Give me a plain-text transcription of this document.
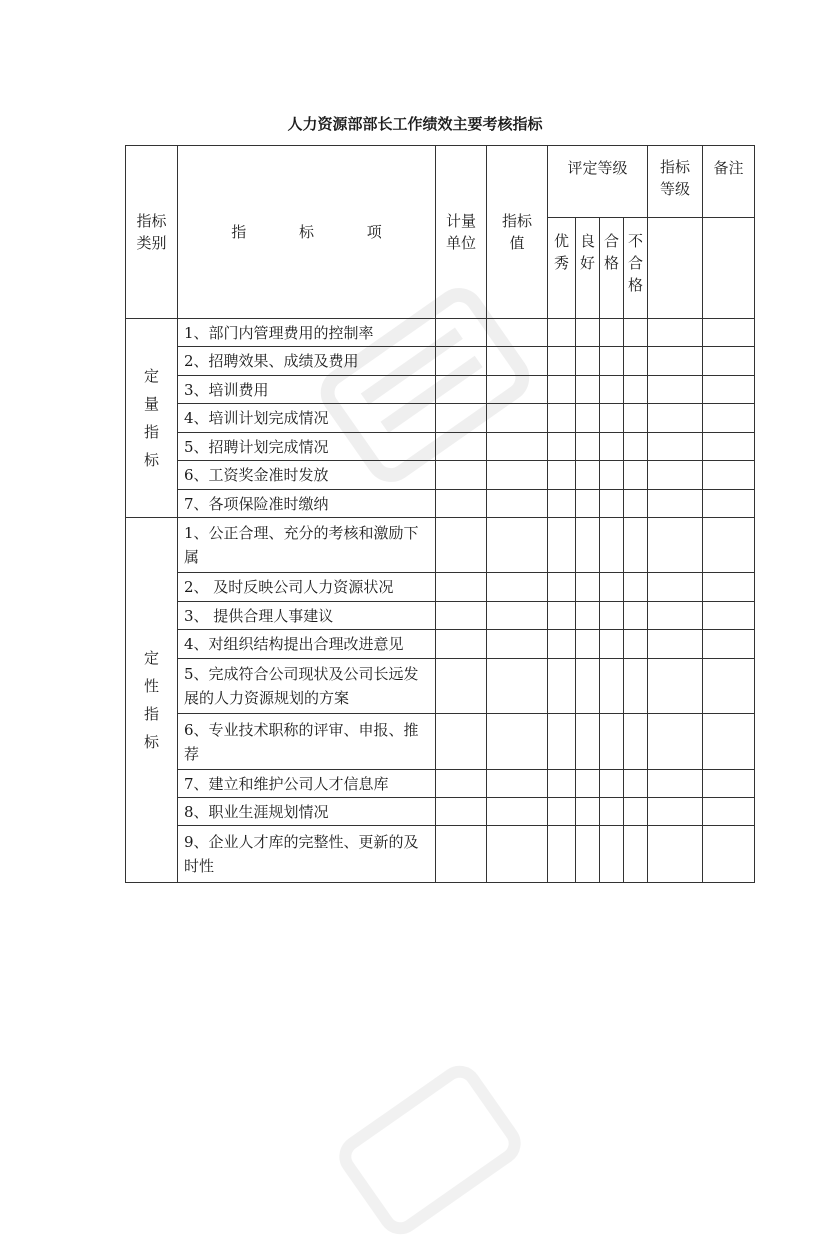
人力资源部部长工作绩效主要考核指标
指标类别	指 标 项	计量单位	指标值	评定等级				指标等级	备注
				优秀	良好	合格	不合格		
定量指标	1、部门内管理费用的控制率								
	2、招聘效果、成绩及费用								
	3、培训费用								
	4、培训计划完成情况								
	5、招聘计划完成情况								
	6、工资奖金准时发放								
	7、各项保险准时缴纳								
定性指标	1、公正合理、充分的考核和激励下属								
	2、 及时反映公司人力资源状况								
	3、 提供合理人事建议								
	4、对组织结构提出合理改进意见								
	5、完成符合公司现状及公司长远发展的人力资源规划的方案								
	6、专业技术职称的评审、申报、推荐								
	7、建立和维护公司人才信息库								
	8、职业生涯规划情况								
	9、企业人才库的完整性、更新的及时性								
